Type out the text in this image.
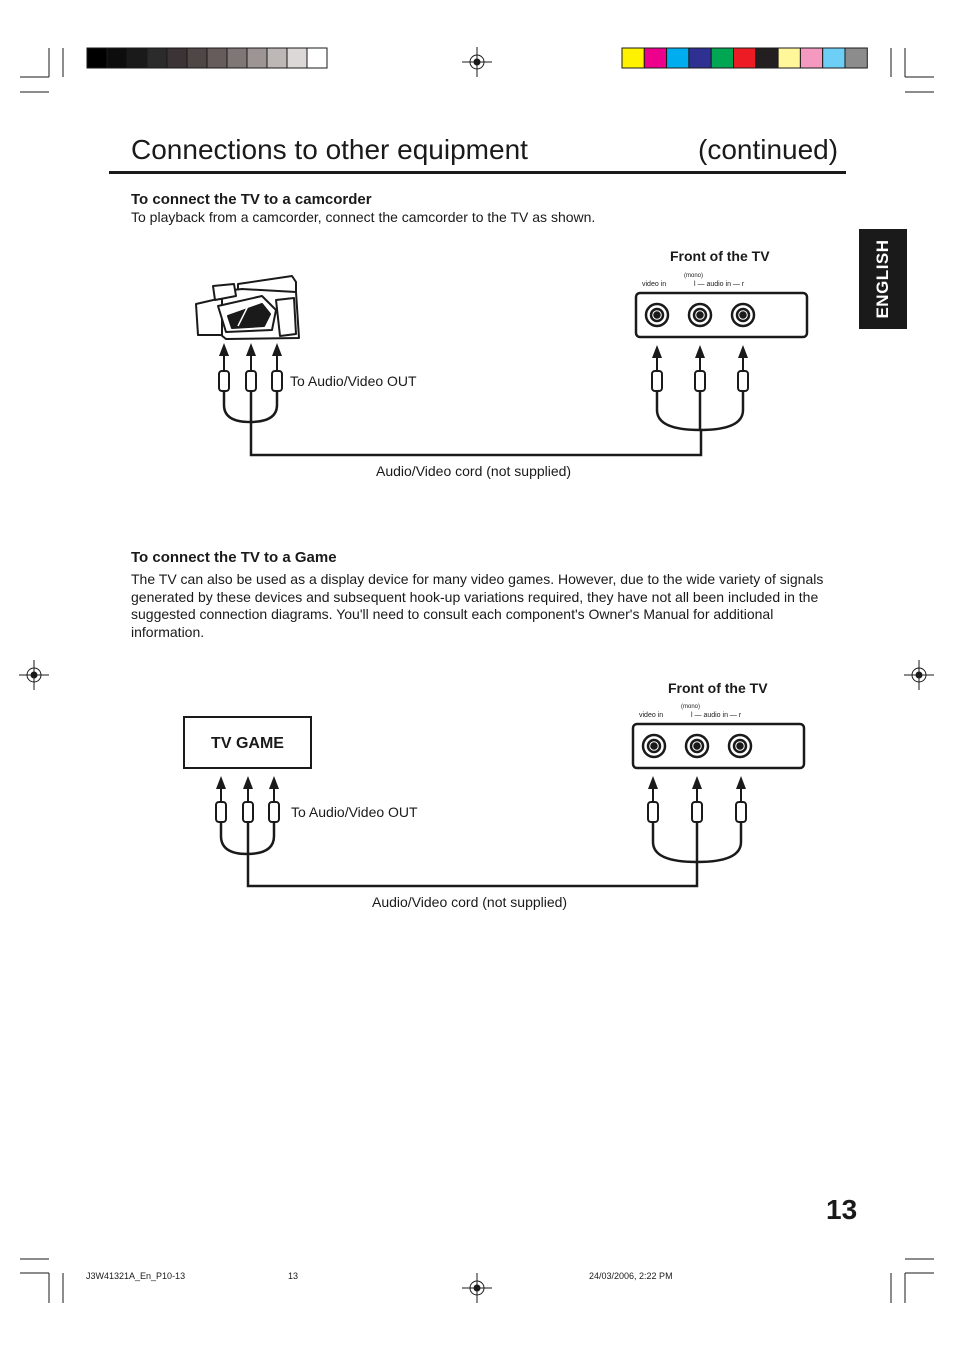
Connections to other equipment	(continued)
ENGLISH
To connect the TV to a camcorder
To playback from a camcorder, connect the camcorder to the TV as shown.
Front of the TV
(mono)
video in	l — audio in — r
To Audio/Video OUT
Audio/Video cord (not supplied)
To connect the TV to a Game
The TV can also be used as a display device for many video games. However, due to the wide variety of signals generated by these devices and subsequent hook-up variations required, they have not all been included in the suggested connection diagrams. You'll need to consult each component's Owner's Manual for additional information.
TV GAME
Front of the TV
(mono)
video in	l — audio in — r
To Audio/Video OUT
Audio/Video cord (not supplied)
13
J3W41321A_En_P10-13	13	24/03/2006, 2:22 PM
